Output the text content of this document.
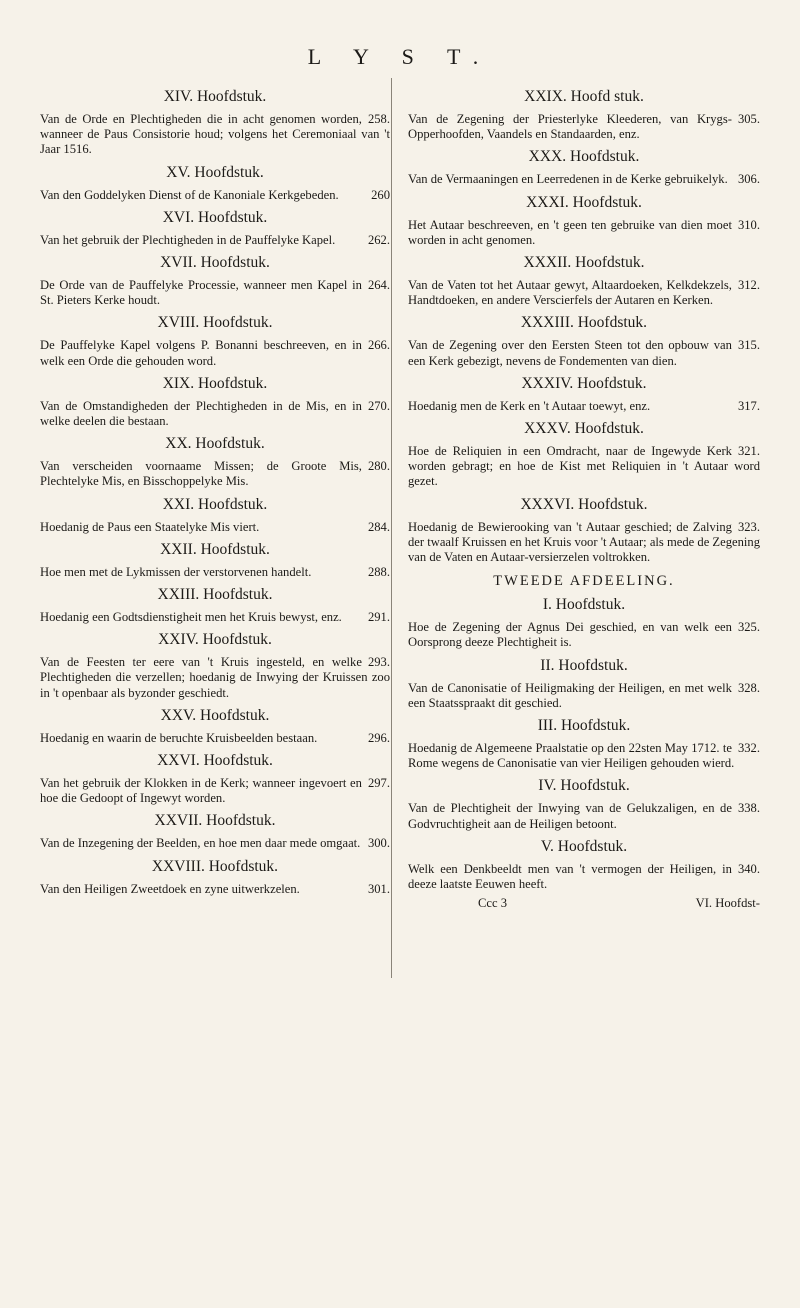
L Y S T.
XIV. Hoofdstuk.
258.
Van de Orde en Plechtigheden die in acht genomen worden, wanneer de Paus Consistorie houd; volgens het Ceremoniaal van 't Jaar 1516.
XV. Hoofdstuk.
260
Van den Goddelyken Dienst of de Kanoniale Kerkgebeden.
XVI. Hoofdstuk.
262.
Van het gebruik der Plechtigheden in de Pauffelyke Kapel.
XVII. Hoofdstuk.
264.
De Orde van de Pauffelyke Processie, wanneer men Kapel in St. Pieters Kerke houdt.
XVIII. Hoofdstuk.
266.
De Pauffelyke Kapel volgens P. Bonanni beschreeven, en in welk een Orde die gehouden word.
XIX. Hoofdstuk.
270.
Van de Omstandigheden der Plechtigheden in de Mis, en in welke deelen die bestaan.
XX. Hoofdstuk.
280.
Van verscheiden voornaame Missen; de Groote Mis, Plechtelyke Mis, en Bisschoppelyke Mis.
XXI. Hoofdstuk.
284.
Hoedanig de Paus een Staatelyke Mis viert.
XXII. Hoofdstuk.
288.
Hoe men met de Lykmissen der verstorvenen handelt.
XXIII. Hoofdstuk.
291.
Hoedanig een Godtsdienstigheit men het Kruis bewyst, enz.
XXIV. Hoofdstuk.
293.
Van de Feesten ter eere van 't Kruis ingesteld, en welke Plechtigheden die verzellen; hoedanig de Inwying der Kruissen zoo in 't openbaar als byzonder geschiedt.
XXV. Hoofdstuk.
296.
Hoedanig en waarin de beruchte Kruisbeelden bestaan.
XXVI. Hoofdstuk.
297.
Van het gebruik der Klokken in de Kerk; wanneer ingevoert en hoe die Gedoopt of Ingewyt worden.
XXVII. Hoofdstuk.
300.
Van de Inzegening der Beelden, en hoe men daar mede omgaat.
XXVIII. Hoofdstuk.
301.
Van den Heiligen Zweetdoek en zyne uitwerkzelen.
XXIX. Hoofd stuk.
305.
Van de Zegening der Priesterlyke Kleederen, van Krygs-Opperhoofden, Vaandels en Standaarden, enz.
XXX. Hoofdstuk.
306.
Van de Vermaaningen en Leerredenen in de Kerke gebruikelyk.
XXXI. Hoofdstuk.
310.
Het Autaar beschreeven, en 't geen ten gebruike van dien moet worden in acht genomen.
XXXII. Hoofdstuk.
312.
Van de Vaten tot het Autaar gewyt, Altaardoeken, Kelkdekzels, Handtdoeken, en andere Verscierfels der Autaren en Kerken.
XXXIII. Hoofdstuk.
315.
Van de Zegening over den Eersten Steen tot den opbouw van een Kerk gebezigt, nevens de Fondementen van dien.
XXXIV. Hoofdstuk.
317.
Hoedanig men de Kerk en 't Autaar toewyt, enz.
XXXV. Hoofdstuk.
321.
Hoe de Reliquien in een Omdracht, naar de Ingewyde Kerk worden gebragt; en hoe de Kist met Reliquien in 't Autaar word gezet.
XXXVI. Hoofdstuk.
323.
Hoedanig de Bewierooking van 't Autaar geschied; de Zalving der twaalf Kruissen en het Kruis voor 't Autaar; als mede de Zegening van de Vaten en Autaar-versierzelen voltrokken.
TWEEDE AFDEELING.
I. Hoofdstuk.
325.
Hoe de Zegening der Agnus Dei geschied, en van welk een Oorsprong deeze Plechtigheit is.
II. Hoofdstuk.
328.
Van de Canonisatie of Heiligmaking der Heiligen, en met welk een Staatsspraakt dit geschied.
III. Hoofdstuk.
332.
Hoedanig de Algemeene Praalstatie op den 22sten May 1712. te Rome wegens de Canonisatie van vier Heiligen gehouden wierd.
IV. Hoofdstuk.
338.
Van de Plechtigheit der Inwying van de Gelukzaligen, en de Godvruchtigheit aan de Heiligen betoont.
V. Hoofdstuk.
340.
Welk een Denkbeeldt men van 't vermogen der Heiligen, in deeze laatste Eeuwen heeft.
Ccc 3	VI. Hoofdst-
